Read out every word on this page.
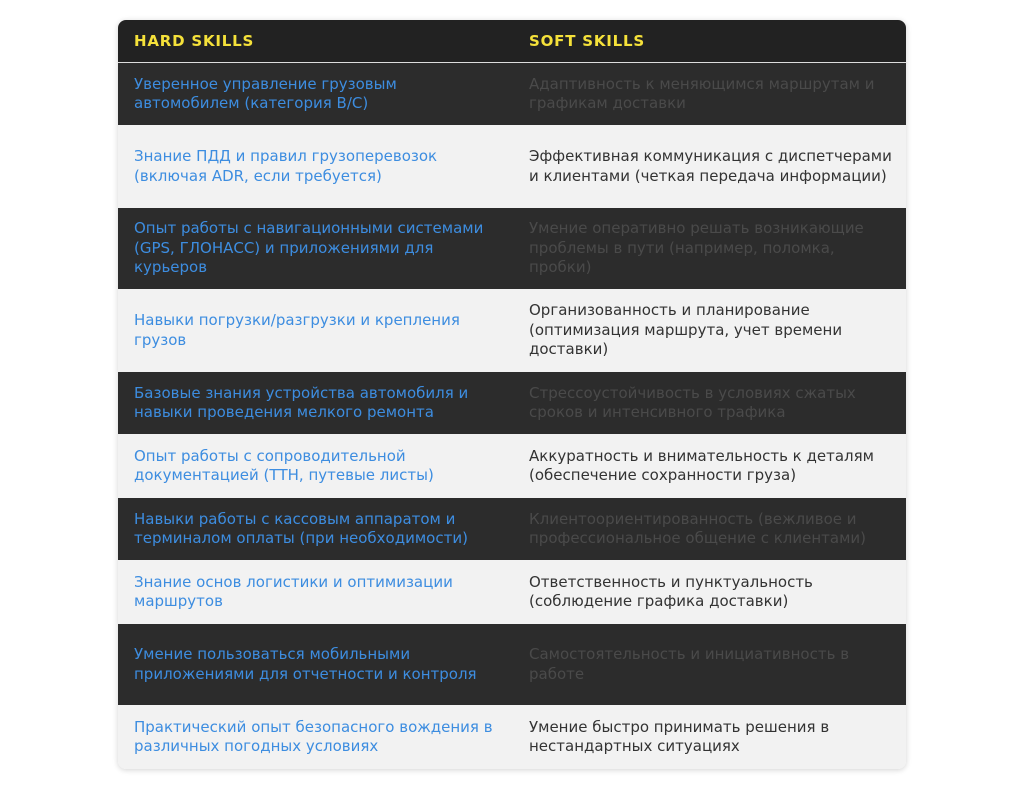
HARD SKILLS	SOFT SKILLS
Уверенное управление грузовым автомобилем (категория B/C)
Адаптивность к меняющимся маршрутам и графикам доставки
Знание ПДД и правил грузоперевозок (включая ADR, если требуется)
Эффективная коммуникация с диспетчерами и клиентами (четкая передача информации)
Опыт работы с навигационными системами (GPS, ГЛОНАСС) и приложениями для курьеров
Умение оперативно решать возникающие проблемы в пути (например, поломка, пробки)
Навыки погрузки/разгрузки и крепления грузов
Организованность и планирование (оптимизация маршрута, учет времени доставки)
Базовые знания устройства автомобиля и навыки проведения мелкого ремонта
Стрессоустойчивость в условиях сжатых сроков и интенсивного трафика
Опыт работы с сопроводительной документацией (ТТН, путевые листы)
Аккуратность и внимательность к деталям (обеспечение сохранности груза)
Навыки работы с кассовым аппаратом и терминалом оплаты (при необходимости)
Клиентоориентированность (вежливое и профессиональное общение с клиентами)
Знание основ логистики и оптимизации маршрутов
Ответственность и пунктуальность (соблюдение графика доставки)
Умение пользоваться мобильными приложениями для отчетности и контроля
Самостоятельность и инициативность в работе
Практический опыт безопасного вождения в различных погодных условиях
Умение быстро принимать решения в нестандартных ситуациях
